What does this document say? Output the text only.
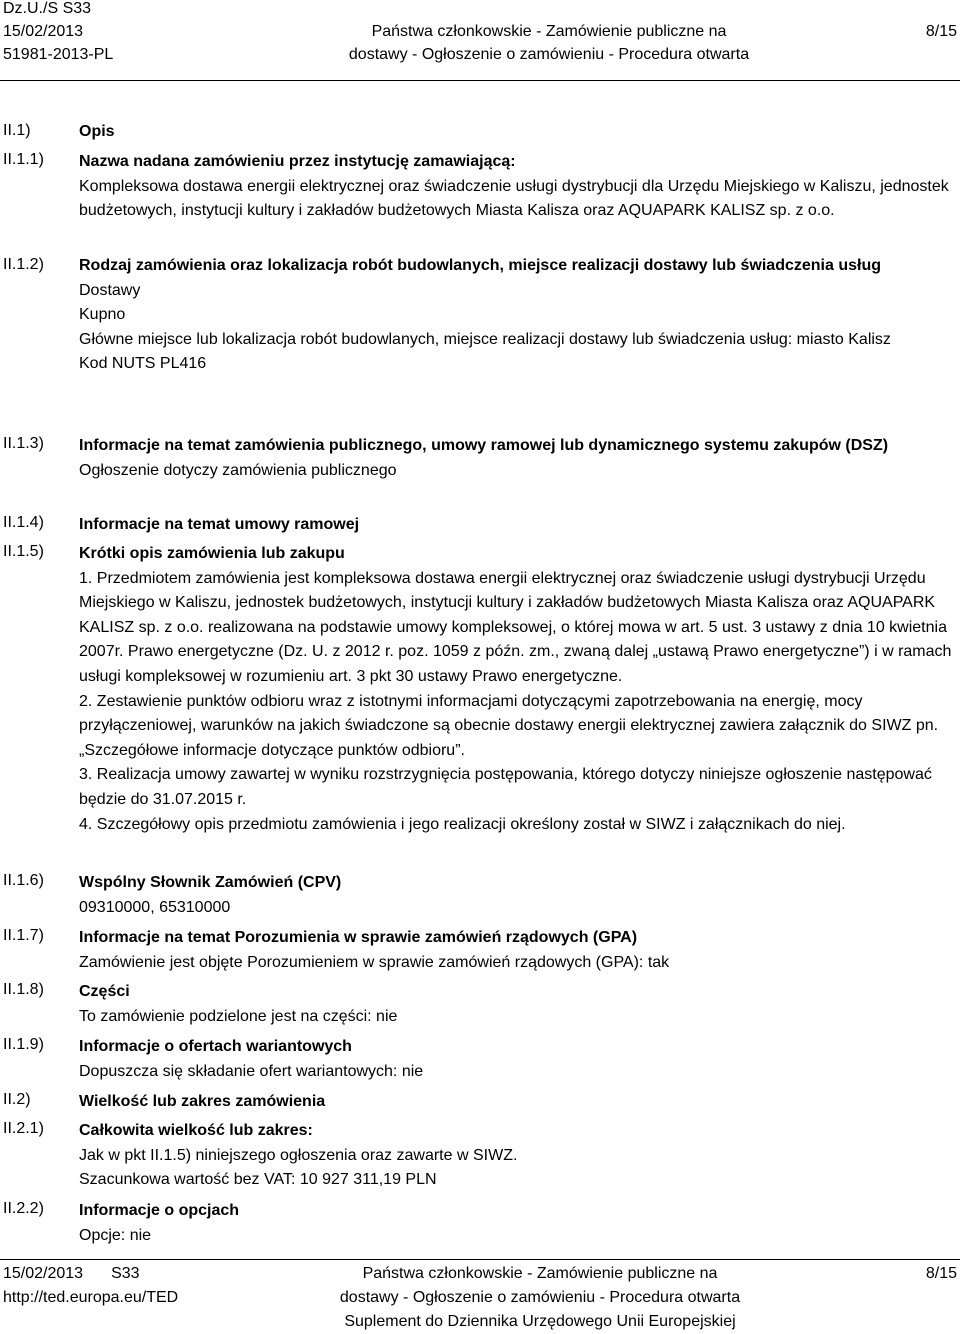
Dz.U./S S33
15/02/2013
51981-2013-PL
Państwa członkowskie - Zamówienie publiczne na
dostawy - Ogłoszenie o zamówieniu - Procedura otwarta
8/15
II.1)
II.1.1)
II.1.2)
II.1.3)
II.1.4)
II.1.5)
II.1.6)
II.1.7)
II.1.8)
II.1.9)
II.2)
II.2.1)
II.2.2)

Opis

Nazwa nadana zamówieniu przez instytucję zamawiającą:

Kompleksowa dostawa energii elektrycznej oraz świadczenie usługi dystrybucji dla Urzędu Miejskiego w Kaliszu, jednostek budżetowych, instytucji kultury i zakładów budżetowych Miasta Kalisza oraz AQUAPARK KALISZ sp. z o.o.

Rodzaj zamówienia oraz lokalizacja robót budowlanych, miejsce realizacji dostawy lub świadczenia usług

Dostawy

Kupno

Główne miejsce lub lokalizacja robót budowlanych, miejsce realizacji dostawy lub świadczenia usług: miasto Kalisz

Kod NUTS PL416

Informacje na temat zamówienia publicznego, umowy ramowej lub dynamicznego systemu zakupów (DSZ)

Ogłoszenie dotyczy zamówienia publicznego

Informacje na temat umowy ramowej

Krótki opis zamówienia lub zakupu

1. Przedmiotem zamówienia jest kompleksowa dostawa energii elektrycznej oraz świadczenie usługi dystrybucji Urzędu Miejskiego w Kaliszu, jednostek budżetowych, instytucji kultury i zakładów budżetowych Miasta Kalisza oraz AQUAPARK KALISZ sp. z o.o. realizowana na podstawie umowy kompleksowej, o której mowa w art. 5 ust. 3 ustawy z dnia 10 kwietnia 2007r. Prawo energetyczne (Dz. U. z 2012 r. poz. 1059 z późn. zm., zwaną dalej „ustawą Prawo energetyczne”) i w ramach usługi kompleksowej w rozumieniu art. 3 pkt 30 ustawy Prawo energetyczne.

2. Zestawienie punktów odbioru wraz z istotnymi informacjami dotyczącymi zapotrzebowania na energię, mocy przyłączeniowej, warunków na jakich świadczone są obecnie dostawy energii elektrycznej zawiera załącznik do SIWZ pn. „Szczegółowe informacje dotyczące punktów odbioru”.

3. Realizacja umowy zawartej w wyniku rozstrzygnięcia postępowania, którego dotyczy niniejsze ogłoszenie następować będzie do 31.07.2015 r.

4. Szczegółowy opis przedmiotu zamówienia i jego realizacji określony został w SIWZ i załącznikach do niej.

Wspólny Słownik Zamówień (CPV)

09310000, 65310000

Informacje na temat Porozumienia w sprawie zamówień rządowych (GPA)

Zamówienie jest objęte Porozumieniem w sprawie zamówień rządowych (GPA): tak

Części

To zamówienie podzielone jest na części: nie

Informacje o ofertach wariantowych

Dopuszcza się składanie ofert wariantowych: nie

Wielkość lub zakres zamówienia

Całkowita wielkość lub zakres:

Jak w pkt II.1.5) niniejszego ogłoszenia oraz zawarte w SIWZ.

Szacunkowa wartość bez VAT: 10 927 311,19 PLN

Informacje o opcjach

Opcje: nie

15/02/2013 S33
http://ted.europa.eu/TED
Państwa członkowskie - Zamówienie publiczne na
dostawy - Ogłoszenie o zamówieniu - Procedura otwarta
Suplement do Dziennika Urzędowego Unii Europejskiej
8/15
